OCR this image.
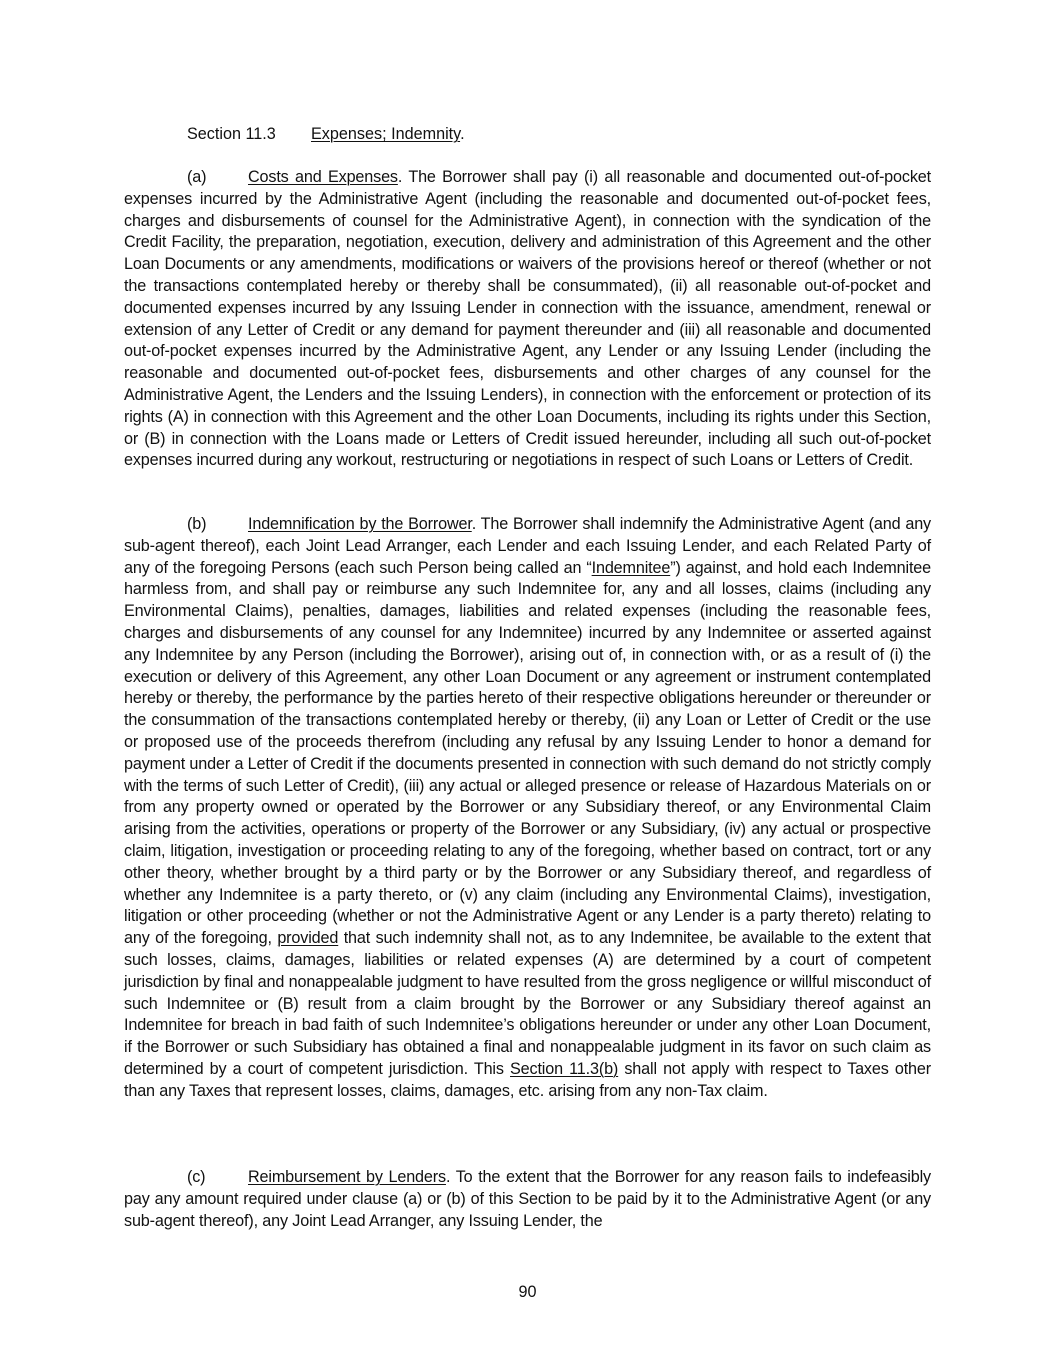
Section 11.3 Expenses; Indemnity.
(a)	Costs and Expenses. The Borrower shall pay (i) all reasonable and documented out-of-pocket expenses incurred by the Administrative Agent (including the reasonable and documented out-of-pocket fees, charges and disbursements of counsel for the Administrative Agent), in connection with the syndication of the Credit Facility, the preparation, negotiation, execution, delivery and administration of this Agreement and the other Loan Documents or any amendments, modifications or waivers of the provisions hereof or thereof (whether or not the transactions contemplated hereby or thereby shall be consummated), (ii) all reasonable out-of-pocket and documented expenses incurred by any Issuing Lender in connection with the issuance, amendment, renewal or extension of any Letter of Credit or any demand for payment thereunder and (iii) all reasonable and documented out-of-pocket expenses incurred by the Administrative Agent, any Lender or any Issuing Lender (including the reasonable and documented out-of-pocket fees, disbursements and other charges of any counsel for the Administrative Agent, the Lenders and the Issuing Lenders), in connection with the enforcement or protection of its rights (A) in connection with this Agreement and the other Loan Documents, including its rights under this Section, or (B) in connection with the Loans made or Letters of Credit issued hereunder, including all such out-of-pocket expenses incurred during any workout, restructuring or negotiations in respect of such Loans or Letters of Credit.
(b)	Indemnification by the Borrower. The Borrower shall indemnify the Administrative Agent (and any sub-agent thereof), each Joint Lead Arranger, each Lender and each Issuing Lender, and each Related Party of any of the foregoing Persons (each such Person being called an “Indemnitee”) against, and hold each Indemnitee harmless from, and shall pay or reimburse any such Indemnitee for, any and all losses, claims (including any Environmental Claims), penalties, damages, liabilities and related expenses (including the reasonable fees, charges and disbursements of any counsel for any Indemnitee) incurred by any Indemnitee or asserted against any Indemnitee by any Person (including the Borrower), arising out of, in connection with, or as a result of (i) the execution or delivery of this Agreement, any other Loan Document or any agreement or instrument contemplated hereby or thereby, the performance by the parties hereto of their respective obligations hereunder or thereunder or the consummation of the transactions contemplated hereby or thereby, (ii) any Loan or Letter of Credit or the use or proposed use of the proceeds therefrom (including any refusal by any Issuing Lender to honor a demand for payment under a Letter of Credit if the documents presented in connection with such demand do not strictly comply with the terms of such Letter of Credit), (iii) any actual or alleged presence or release of Hazardous Materials on or from any property owned or operated by the Borrower or any Subsidiary thereof, or any Environmental Claim arising from the activities, operations or property of the Borrower or any Subsidiary, (iv) any actual or prospective claim, litigation, investigation or proceeding relating to any of the foregoing, whether based on contract, tort or any other theory, whether brought by a third party or by the Borrower or any Subsidiary thereof, and regardless of whether any Indemnitee is a party thereto, or (v) any claim (including any Environmental Claims), investigation, litigation or other proceeding (whether or not the Administrative Agent or any Lender is a party thereto) relating to any of the foregoing, provided that such indemnity shall not, as to any Indemnitee, be available to the extent that such losses, claims, damages, liabilities or related expenses (A) are determined by a court of competent jurisdiction by final and nonappealable judgment to have resulted from the gross negligence or willful misconduct of such Indemnitee or (B) result from a claim brought by the Borrower or any Subsidiary thereof against an Indemnitee for breach in bad faith of such Indemnitee’s obligations hereunder or under any other Loan Document, if the Borrower or such Subsidiary has obtained a final and nonappealable judgment in its favor on such claim as determined by a court of competent jurisdiction. This Section 11.3(b) shall not apply with respect to Taxes other than any Taxes that represent losses, claims, damages, etc. arising from any non-Tax claim.
(c)	Reimbursement by Lenders. To the extent that the Borrower for any reason fails to indefeasibly pay any amount required under clause (a) or (b) of this Section to be paid by it to the Administrative Agent (or any sub-agent thereof), any Joint Lead Arranger, any Issuing Lender, the
90
